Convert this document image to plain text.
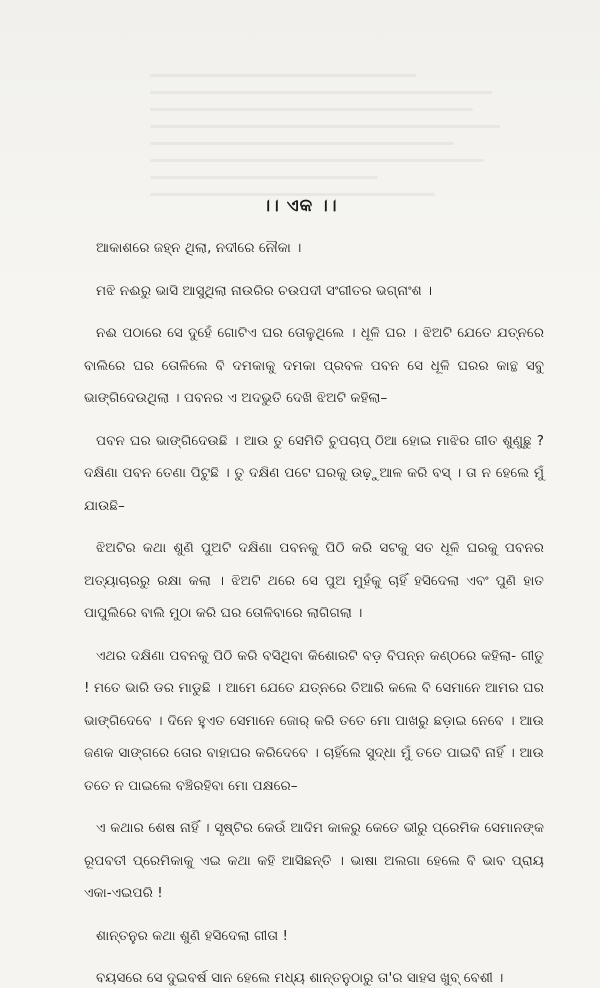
।। ଏକ ।।

ଆକାଶରେ ଜହ୍ନ ଥିଲା, ନଦୀରେ ନୌକା ।

ମଝି ନଈରୁ ଭାସି ଆସୁଥିଲା ନାଉରିର ଚଉପଦୀ ସଂଗୀତର ଭଗ୍ନାଂଶ ।

ନଈ ପଠାରେ ସେ ଦୁହେଁ ଗୋଟିଏ ଘର ତୋଳୁଥିଲେ । ଧୂଳି ଘର । ଝିଅଟି ଯେତେ ଯତ୍ନରେ ବାଲିରେ ଘର ତୋଳିଲେ ବି ଦମକାକୁ ଦମକା ପ୍ରବଳ ପବନ ସେ ଧୂଳି ଘରର କାନ୍ଥ ସବୁ ଭାଙ୍ଗିଦେଉଥିଲା । ପବନର ଏ ଅଦଭୁତି ଦେଖି ଝିଅଟି କହିଲା–

ପବନ ଘର ଭାଙ୍ଗିଦେଉଛି । ଆଉ ତୁ ସେମିତି ଚୁପଚାପ୍ ଠିଆ ହୋଇ ମାଝିର ଗୀତ ଶୁଣୁଛୁ ? ଦକ୍ଷିଣା ପବନ ତେଣା ପିଟୁଛି । ତୁ ଦକ୍ଷିଣ ପଟେ ଘରକୁ ଉଢ଼ୁଆଳ କରି ବସ୍ । ତା ନ ହେଲେ ମୁଁ ଯାଉଛି–

ଝିଅଟିର କଥା ଶୁଣି ପୁଅଟି ଦକ୍ଷିଣା ପବନକୁ ପିଠି କରି ସଟକୁ ସତ ଧୂଳି ଘରକୁ ପବନର ଅତ୍ୟାଚାରରୁ ରକ୍ଷା କଲା । ଝିଅଟି ଥରେ ସେ ପୁଅ ମୁହଁକୁ ଚାହିଁ ହସିଦେଲା ଏବଂ ପୁଣି ହାତ ପାପୁଲିରେ ବାଲି ମୁଠା କରି ଘର ତୋଳିବାରେ ଲାଗିଗଲା ।

ଏଥର ଦକ୍ଷିଣା ପବନକୁ ପିଠି କରି ବସିଥିବା କିଶୋରଟି ବଡ଼ ବିପନ୍ନ କଣ୍ଠରେ କହିଲା- ଗୀତୁ ! ମତେ ଭାରି ଡର ମାଡୁଛି । ଆମେ ଯେତେ ଯତ୍ନରେ ତିଆରି କଲେ ବି ସେମାନେ ଆମର ଘର ଭାଙ୍ଗିଦେବେ । ଦିନେ ହୁଏତ ସେମାନେ ଜୋର୍ କରି ତତେ ମୋ ପାଖରୁ ଛଡ଼ାଇ ନେବେ । ଆଉ ଜଣକ ସାଙ୍ଗରେ ତୋର ବାହାଘର କରିଦେବେ । ଚାହିଁଲେ ସୁଦ୍ଧା ମୁଁ ତତେ ପାଇବି ନାହିଁ । ଆଉ ତତେ ନ ପାଇଲେ ବଞ୍ଚିରହିବା ମୋ ପକ୍ଷରେ–

ଏ କଥାର ଶେଷ ନାହିଁ । ସୃଷ୍ଟିର କେଉଁ ଆଦିମ କାଳରୁ କେତେ ଭୀରୁ ପ୍ରେମିକ ସେମାନଙ୍କ ରୂପବତୀ ପ୍ରେମିକାକୁ ଏଇ କଥା କହି ଆସିଛନ୍ତି । ଭାଷା ଅଲଗା ହେଲେ ବି ଭାବ ପ୍ରାୟ ଏକା-ଏଇପରି !

ଶାନ୍ତନୁର କଥା ଶୁଣି ହସିଦେଲା ଗୀତା !

ବୟସରେ ସେ ଦୁଇବର୍ଷ ସାନ ହେଲେ ମଧ୍ୟ ଶାନ୍ତନୁଠାରୁ ତା'ର ସାହସ ଖୁବ୍ ବେଶୀ ।
